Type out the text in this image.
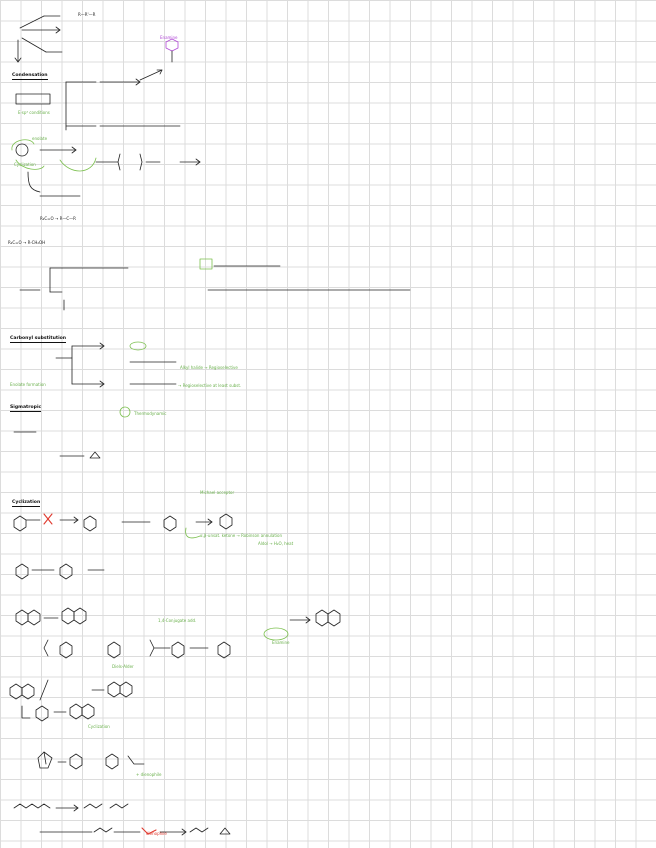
Condensation
Carbonyl substitution
Sigmatropic
Cyclization
R—R'—R
Enamine
E·sp³ conditions
Cyclization
enolate
R₂C=O → R—C—R
R₂C=O → R-CH₂OH
Alkyl halide → Regioselective
→ Regioselective at least subst.
Enolate formation
Thermodynamic
Michael acceptor
α,β-unsat. ketone → Robinson annulation
Aldol → H₂O, heat
1,4-Conjugate add.
Enamine
Diels-Alder
Cyclization
+ dienophile
dienophile
